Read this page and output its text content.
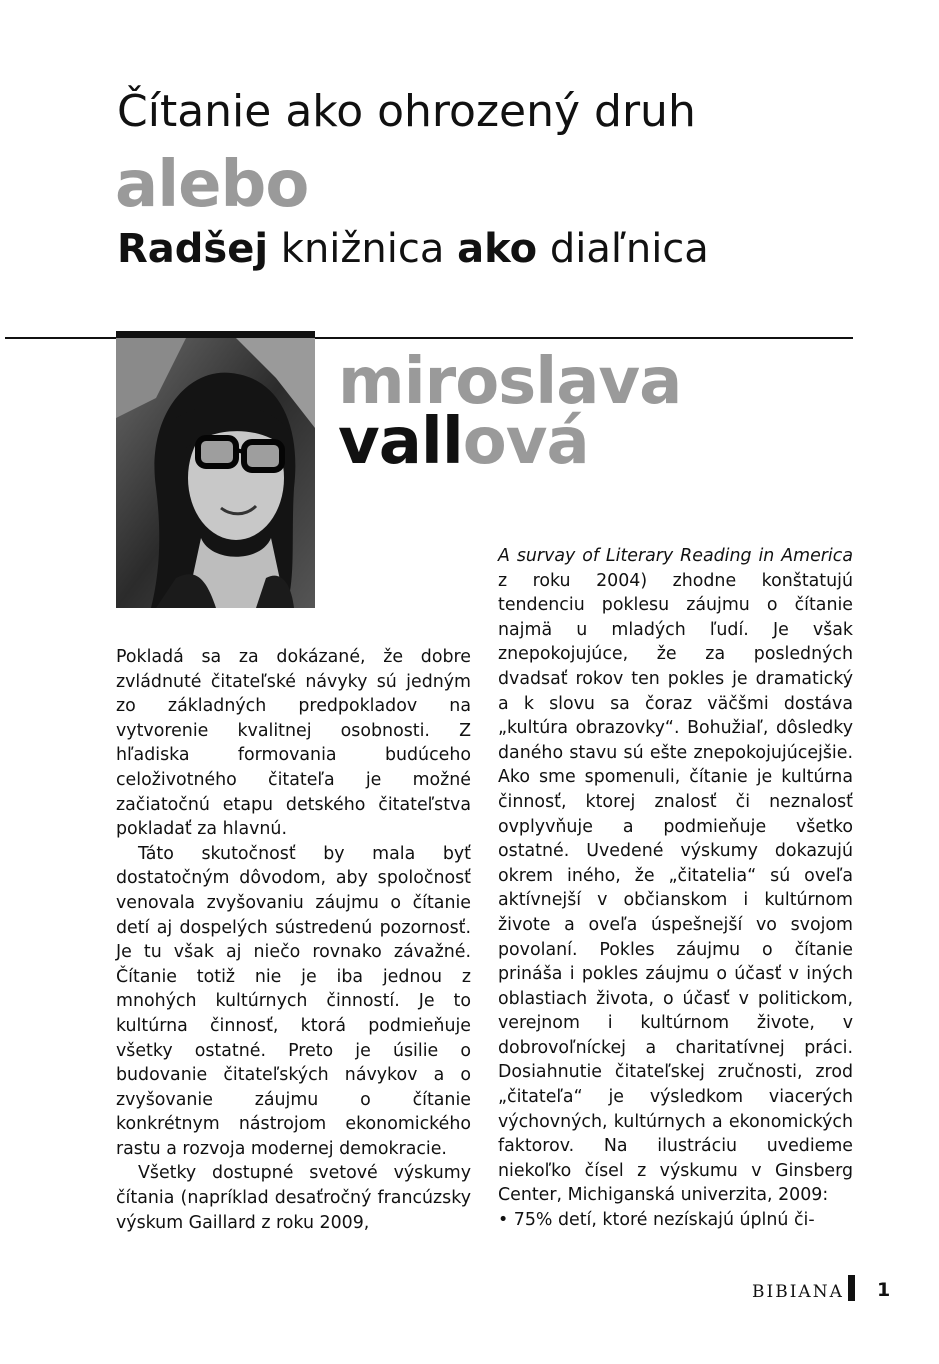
Čítanie ako ohrozený druh
alebo
Radšej knižnica ako diaľnica
miroslava
vallová

Pokladá sa za dokázané, že dobre zvládnuté čitateľské návyky sú jedným zo základných predpokladov na vytvorenie kvalitnej osobnosti. Z hľadiska formovania budúceho celoživotného čitateľa je možné začiatočnú etapu detského čitateľstva pokladať za hlavnú.

Táto skutočnosť by mala byť dostatočným dôvodom, aby spoločnosť venovala zvyšovaniu záujmu o čítanie detí aj dospelých sústredenú pozornosť. Je tu však aj niečo rovnako závažné. Čítanie totiž nie je iba jednou z mnohých kultúrnych činností. Je to kultúrna činnosť, ktorá podmieňuje všetky ostatné. Preto je úsilie o budovanie čitateľských návykov a o zvyšovanie záujmu o čítanie konkrétnym nástrojom ekonomického rastu a rozvoja modernej demokracie.

Všetky dostupné svetové výskumy čítania (napríklad desaťročný francúzsky výskum Gaillard z roku 2009,

A survay of Literary Reading in America z roku 2004) zhodne konštatujú tendenciu poklesu záujmu o čítanie najmä u mladých ľudí. Je však znepokojujúce, že za posledných dvadsať rokov ten pokles je dramatický a k slovu sa čoraz väčšmi dostáva „kultúra obrazovky“. Bohužiaľ, dôsledky daného stavu sú ešte znepokojujúcejšie. Ako sme spomenuli, čítanie je kultúrna činnosť, ktorej znalosť či neznalosť ovplyvňuje a podmieňuje všetko ostatné. Uvedené výskumy dokazujú okrem iného, že „čitatelia“ sú oveľa aktívnejší v občianskom i kultúrnom živote a oveľa úspešnejší vo svojom povolaní. Pokles záujmu o čítanie prináša i pokles záujmu o účasť v iných oblastiach života, o účasť v politickom, verejnom i kultúrnom živote, v dobrovoľníckej a charitatívnej práci. Dosiahnutie čitateľskej zručnosti, zrod „čitateľa“ je výsledkom viacerých výchovných, kultúrnych a ekonomických faktorov. Na ilustráciu uvedieme niekoľko čísel z výskumu v Ginsberg Center, Michiganská univerzita, 2009:

• 75% detí, ktoré nezískajú úplnú či-
BIBIANA 1
